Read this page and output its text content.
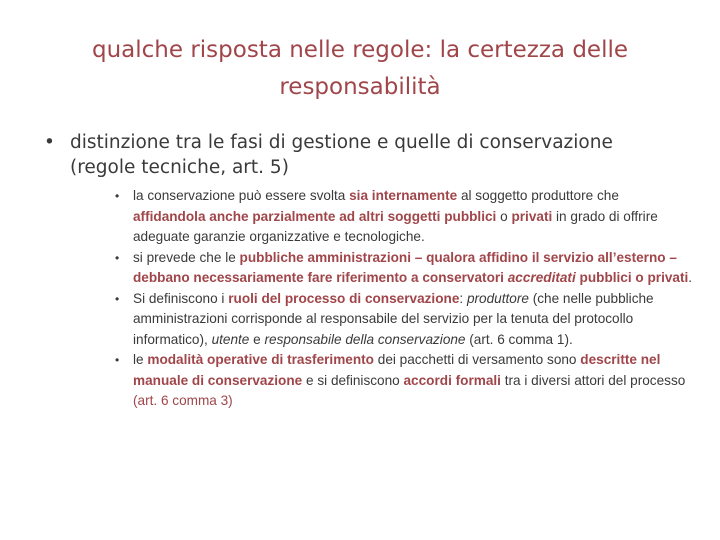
qualche risposta nelle regole: la certezza delle
responsabilità
• distinzione tra le fasi di gestione e quelle di conservazione (regole tecniche, art. 5)
• la conservazione può essere svolta sia internamente al soggetto produttore che affidandola anche parzialmente ad altri soggetti pubblici o privati in grado di offrire adeguate garanzie organizzative e tecnologiche.
• si prevede che le pubbliche amministrazioni – qualora affidino il servizio all’esterno – debbano necessariamente fare riferimento a conservatori accreditati pubblici o privati.
• Si definiscono i ruoli del processo di conservazione: produttore (che nelle pubbliche amministrazioni corrisponde al responsabile del servizio per la tenuta del protocollo informatico), utente e responsabile della conservazione (art. 6 comma 1).
• le modalità operative di trasferimento dei pacchetti di versamento sono descritte nel manuale di conservazione e si definiscono accordi formali tra i diversi attori del processo (art. 6 comma 3)
